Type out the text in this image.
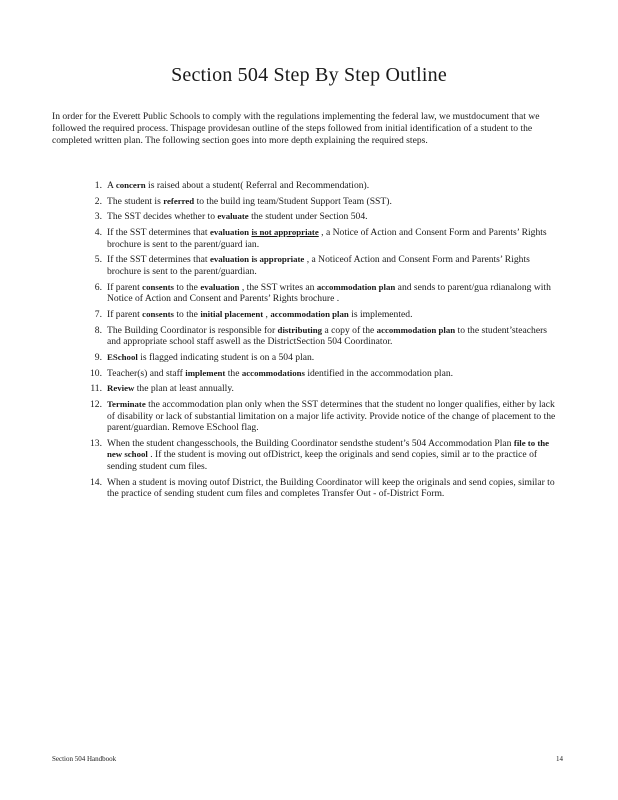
Section 504 Step By Step Outline
In order for the Everett Public Schools to comply with the regulations implementing the federal law, we mustdocument that we followed the required process. Thispage providesan outline of the steps followed from initial identification of a student to the completed written plan. The following section goes into more depth explaining the required steps.
1. A concern is raised about a student( Referral and Recommendation).
2. The student is referred to the build ing team/Student Support Team (SST).
3. The SST decides whether to evaluate the student under Section 504.
4. If the SST determines that evaluation is not appropriate , a Notice of Action and Consent Form and Parents’ Rights brochure is sent to the parent/guard ian.
5. If the SST determines that evaluation is appropriate , a Noticeof Action and Consent Form and Parents’ Rights brochure is sent to the parent/guardian.
6. If parent consents to the evaluation , the SST writes an accommodation plan and sends to parent/gua rdianalong with Notice of Action and Consent and Parents’ Rights brochure .
7. If parent consents to the initial placement , accommodation plan is implemented.
8. The Building Coordinator is responsible for distributing a copy of the accommodation plan to the student’steachers and appropriate school staff aswell as the DistrictSection 504 Coordinator.
9. ESchool is flagged indicating student is on a 504 plan.
10. Teacher(s) and staff implement the accommodations identified in the accommodation plan.
11. Review the plan at least annually.
12. Terminate the accommodation plan only when the SST determines that the student no longer qualifies, either by lack of disability or lack of substantial limitation on a major life activity. Provide notice of the change of placement to the parent/guardian. Remove ESchool flag.
13. When the student changesschools, the Building Coordinator sendsthe student’s 504 Accommodation Plan file to the new school . If the student is moving out ofDistrict, keep the originals and send copies, simil ar to the practice of sending student cum files.
14. When a student is moving outof District, the Building Coordinator will keep the originals and send copies, similar to the practice of sending student cum files and completes Transfer Out - of-District Form.
Section 504 Handbook	14
